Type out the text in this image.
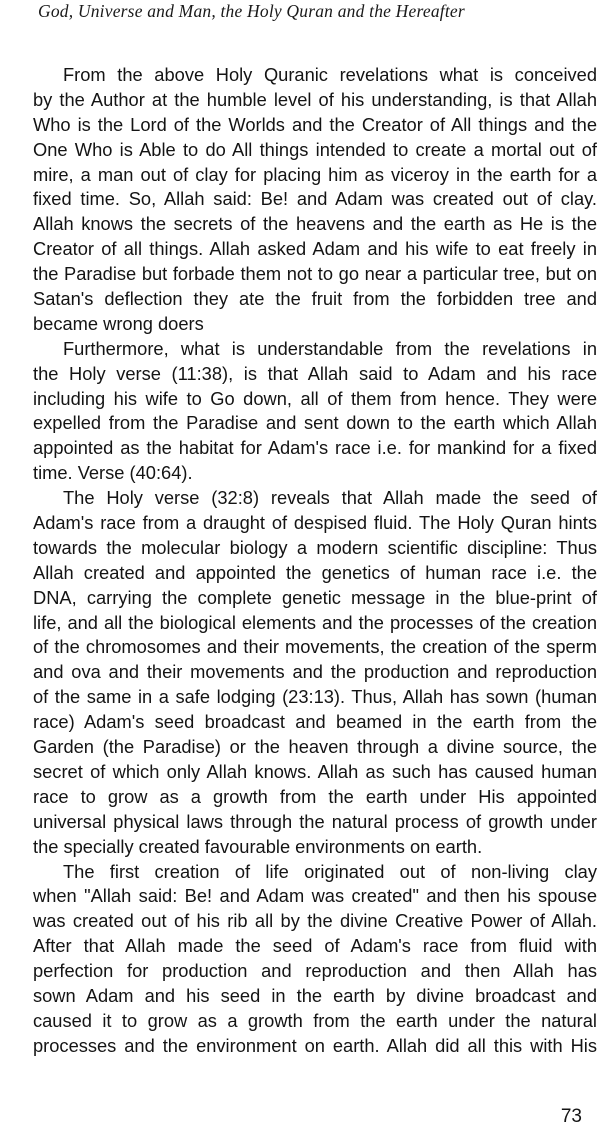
God, Universe and Man, the Holy Quran and the Hereafter
From the above Holy Quranic revelations what is conceived
by the Author at the humble level of his understanding, is that Allah
Who is the Lord of the Worlds and the Creator of All things and the
One Who is Able to do All things intended to create a mortal out of
mire, a man out of clay for placing him as viceroy in the earth for a
fixed time. So, Allah said: Be! and Adam was created out of clay.
Allah knows the secrets of the heavens and the earth as He is the
Creator of all things. Allah asked Adam and his wife to eat freely in
the Paradise but forbade them not to go near a particular tree, but on
Satan's deflection they ate the fruit from the forbidden tree and
became wrong doers
Furthermore, what is understandable from the revelations in
the Holy verse (11:38), is that Allah said to Adam and his race
including his wife to Go down, all of them from hence. They were
expelled from the Paradise and sent down to the earth which Allah
appointed as the habitat for Adam's race i.e. for mankind for a fixed
time. Verse (40:64).
The Holy verse (32:8) reveals that Allah made the seed of
Adam's race from a draught of despised fluid. The Holy Quran hints
towards the molecular biology a modern scientific discipline: Thus
Allah created and appointed the genetics of human race i.e. the
DNA, carrying the complete genetic message in the blue-print of
life, and all the biological elements and the processes of the creation
of the chromosomes and their movements, the creation of the sperm
and ova and their movements and the production and reproduction
of the same in a safe lodging (23:13). Thus, Allah has sown (human
race) Adam's seed broadcast and beamed in the earth from the
Garden (the Paradise) or the heaven through a divine source, the
secret of which only Allah knows. Allah as such has caused human
race to grow as a growth from the earth under His appointed
universal physical laws through the natural process of growth under
the specially created favourable environments on earth.
The first creation of life originated out of non-living clay
when "Allah said: Be! and Adam was created" and then his spouse
was created out of his rib all by the divine Creative Power of Allah.
After that Allah made the seed of Adam's race from fluid with
perfection for production and reproduction and then Allah has
sown Adam and his seed in the earth by divine broadcast and
caused it to grow as a growth from the earth under the natural
processes and the environment on earth. Allah did all this with His
73
